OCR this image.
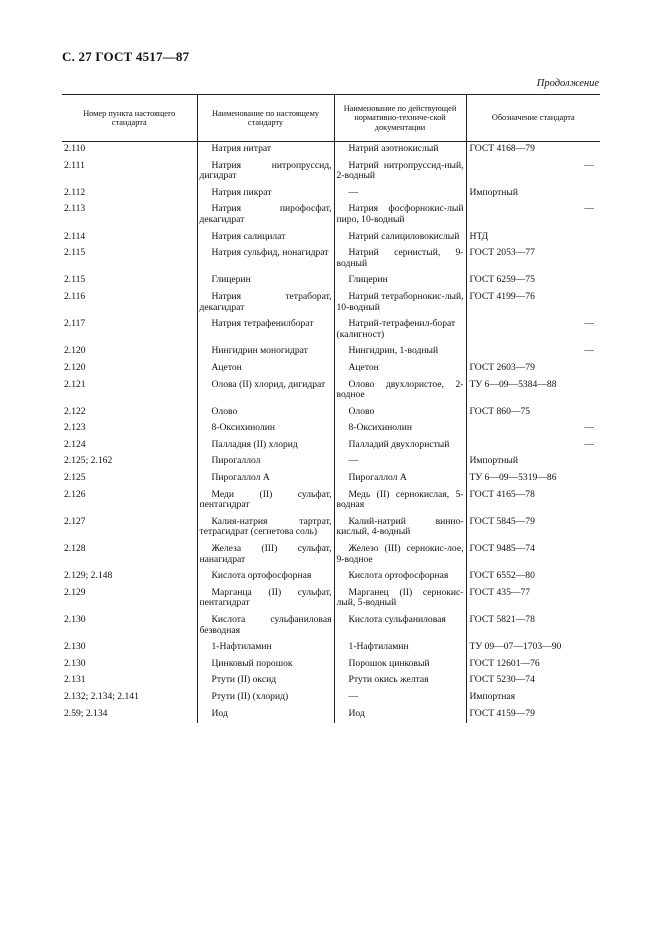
С. 27 ГОСТ 4517—87
Продолжение
Номер пункта настоящего стандарта	Наименование по настоящему стандарту	Наименование по действующей нормативно-техниче-ской документации	Обозначение стандарта
2.110	Натрия нитрат	Натрий азотнокислый	ГОСТ 4168—79
2.111	Натрия нитропруссид, дигидрат	Натрий нитропруссид-ный, 2-водный	—
2.112	Натрия пикрат	—	Импортный
2.113	Натрия пирофосфат, декагидрат	Натрия фосфорнокис-лый пиро, 10-водный	—
2.114	Натрия салицилат	Натрий салициловокислый	НТД
2.115	Натрия сульфид, нонагидрат	Натрий сернистый, 9-водный	ГОСТ 2053—77
2.115	Глицерин	Глицерин	ГОСТ 6259—75
2.116	Натрия тетраборат, декагидрат	Натрий тетраборнокис-лый, 10-водный	ГОСТ 4199—76
2.117	Натрия тетрафенилборат	Натрий-тетрафенил-борат (калигност)	—
2.120	Нингидрин моногидрат	Нингидрин, 1-водный	—
2.120	Ацетон	Ацетон	ГОСТ 2603—79
2.121	Олова (II) хлорид, дигидрат	Олово двухлористое, 2-водное	ТУ 6—09—5384—88
2.122	Олово	Олово	ГОСТ 860—75
2.123	8-Оксихинолин	8-Оксихинолин	—
2.124	Палладия (II) хлорид	Палладий двухлористый	—
2.125; 2.162	Пирогаллол	—	Импортный
2.125	Пирогаллол А	Пирогаллол А	ТУ 6—09—5319—86
2.126	Меди (II) сульфат, пентагидрат	Медь (II) сернокислая, 5-водная	ГОСТ 4165—78
2.127	Калия-натрия тартрат, тетрагидрат (сегнетова соль)	Калий-натрий винно-кислый, 4-водный	ГОСТ 5845—79
2.128	Железа (III) сульфат, нанагидрат	Железо (III) сернокис-лое, 9-водное	ГОСТ 9485—74
2.129; 2.148	Кислота ортофосфорная	Кислота ортофосфорная	ГОСТ 6552—80
2.129	Марганца (II) сульфат, пентагидрат	Марганец (II) сернокис-лый, 5-водный	ГОСТ 435—77
2.130	Кислота сульфаниловая безводная	Кислота сульфаниловая	ГОСТ 5821—78
2.130	1-Нафтиламин	1-Нафтиламин	ТУ 09—07—1703—90
2.130	Цинковый порошок	Порошок цинковый	ГОСТ 12601—76
2.131	Ртути (II) оксид	Ртути окись желтая	ГОСТ 5230—74
2.132; 2.134; 2.141	Ртути (II) (хлорид)	—	Импортная
2.59; 2.134	Иод	Иод	ГОСТ 4159—79
